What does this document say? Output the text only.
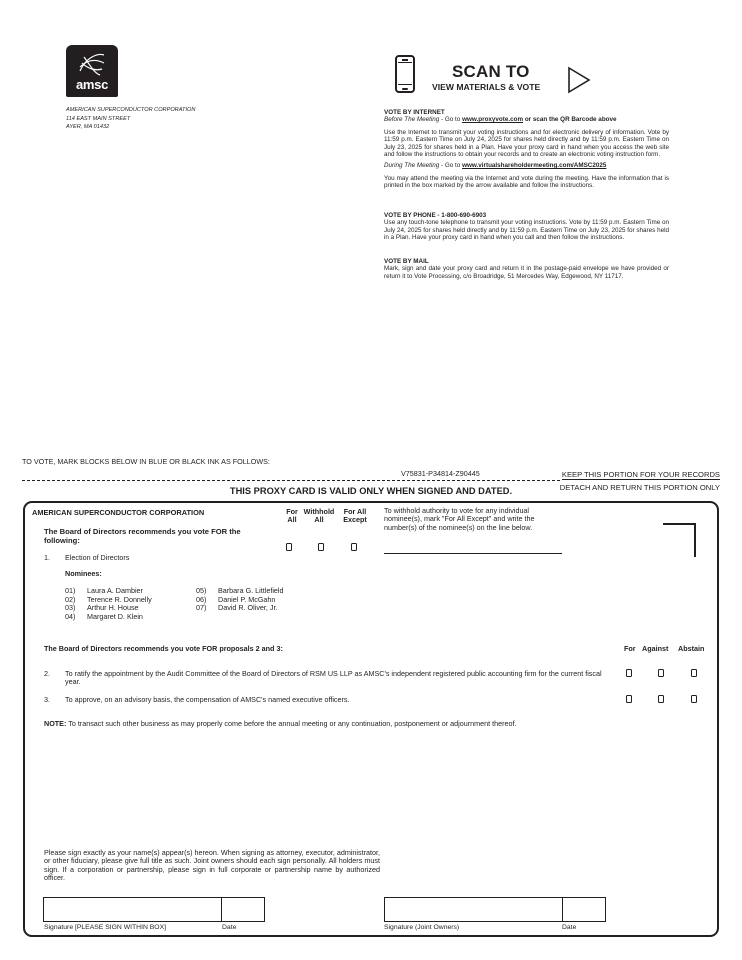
amsc
AMERICAN SUPERCONDUCTOR CORPORATION
114 EAST MAIN STREET
AYER, MA 01432
SCAN TO
VIEW MATERIALS & VOTE
VOTE BY INTERNET
Before The Meeting - Go to www.proxyvote.com or scan the QR Barcode above
Use the Internet to transmit your voting instructions and for electronic delivery of information. Vote by 11:59 p.m. Eastern Time on July 24, 2025 for shares held directly and by 11:59 p.m. Eastern Time on July 23, 2025 for shares held in a Plan. Have your proxy card in hand when you access the web site and follow the instructions to obtain your records and to create an electronic voting instruction form.
During The Meeting - Go to www.virtualshareholdermeeting.com/AMSC2025
You may attend the meeting via the Internet and vote during the meeting. Have the information that is printed in the box marked by the arrow available and follow the instructions.
VOTE BY PHONE - 1-800-690-6903
Use any touch-tone telephone to transmit your voting instructions. Vote by 11:59 p.m. Eastern Time on July 24, 2025 for shares held directly and by 11:59 p.m. Eastern Time on July 23, 2025 for shares held in a Plan. Have your proxy card in hand when you call and then follow the instructions.
VOTE BY MAIL
Mark, sign and date your proxy card and return it in the postage-paid envelope we have provided or return it to Vote Processing, c/o Broadridge, 51 Mercedes Way, Edgewood, NY 11717.
TO VOTE, MARK BLOCKS BELOW IN BLUE OR BLACK INK AS FOLLOWS:
V75831-P34814-Z90445	KEEP THIS PORTION FOR YOUR RECORDS
DETACH AND RETURN THIS PORTION ONLY
THIS PROXY CARD IS VALID ONLY WHEN SIGNED AND DATED.
AMERICAN SUPERCONDUCTOR CORPORATION
The Board of Directors recommends you vote FOR the following:
For
All
Withhold
All
For All
Except
To withhold authority to vote for any individual nominee(s), mark "For All Except" and write the number(s) of the nominee(s) on the line below.
1. Election of Directors
Nominees:
01)	Laura A. Dambier
02)	Terence R. Donnelly
03)	Arthur H. House
04)	Margaret D. Klein
05)	Barbara G. Littlefield
06)	Daniel P. McGahn
07)	David R. Oliver, Jr.
The Board of Directors recommends you vote FOR proposals 2 and 3:	For Against Abstain
2. To ratify the appointment by the Audit Committee of the Board of Directors of RSM US LLP as AMSC's independent registered public accounting firm for the current fiscal year.
3. To approve, on an advisory basis, the compensation of AMSC's named executive officers.
NOTE: To transact such other business as may properly come before the annual meeting or any continuation, postponement or adjournment thereof.
Please sign exactly as your name(s) appear(s) hereon. When signing as attorney, executor, administrator, or other fiduciary, please give full title as such. Joint owners should each sign personally. All holders must sign. If a corporation or partnership, please sign in full corporate or partnership name by authorized officer.
Signature [PLEASE SIGN WITHIN BOX]	Date	Signature (Joint Owners)	Date
